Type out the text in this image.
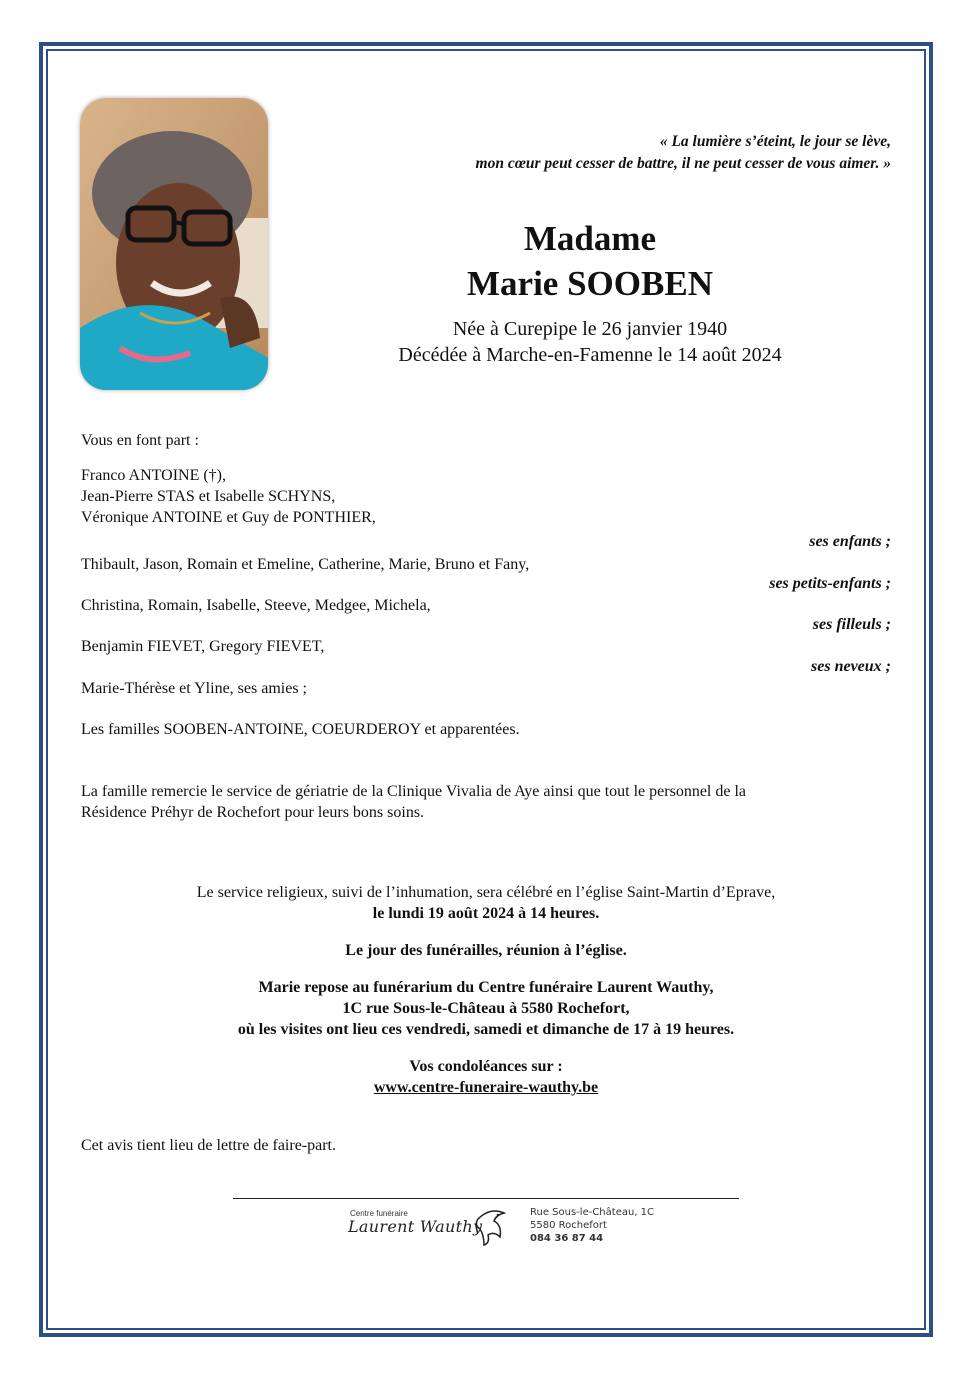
« La lumière s’éteint, le jour se lève,
mon cœur peut cesser de battre, il ne peut cesser de vous aimer. »
Madame
Marie SOOBEN
Née à Curepipe le 26 janvier 1940
Décédée à Marche-en-Famenne le 14 août 2024
Vous en font part :
Franco ANTOINE (†),
Jean-Pierre STAS et Isabelle SCHYNS,
Véronique ANTOINE et Guy de PONTHIER,
ses enfants ;
Thibault, Jason, Romain et Emeline, Catherine, Marie, Bruno et Fany,
ses petits-enfants ;
Christina, Romain, Isabelle, Steeve, Medgee, Michela,
ses filleuls ;
Benjamin FIEVET, Gregory FIEVET,
ses neveux ;
Marie-Thérèse et Yline, ses amies ;
Les familles SOOBEN-ANTOINE, COEURDEROY et apparentées.
La famille remercie le service de gériatrie de la Clinique Vivalia de Aye ainsi que tout le personnel de la
Résidence Préhyr de Rochefort pour leurs bons soins.
Le service religieux, suivi de l’inhumation, sera célébré en l’église Saint-Martin d’Eprave,
le lundi 19 août 2024 à 14 heures.
Le jour des funérailles, réunion à l’église.
Marie repose au funérarium du Centre funéraire Laurent Wauthy,
1C rue Sous-le-Château à 5580 Rochefort,
où les visites ont lieu ces vendredi, samedi et dimanche de 17 à 19 heures.
Vos condoléances sur :
www.centre-funeraire-wauthy.be
Cet avis tient lieu de lettre de faire-part.
Centre funéraire
Laurent Wauthy
Rue Sous-le-Château, 1C
5580 Rochefort
084 36 87 44
